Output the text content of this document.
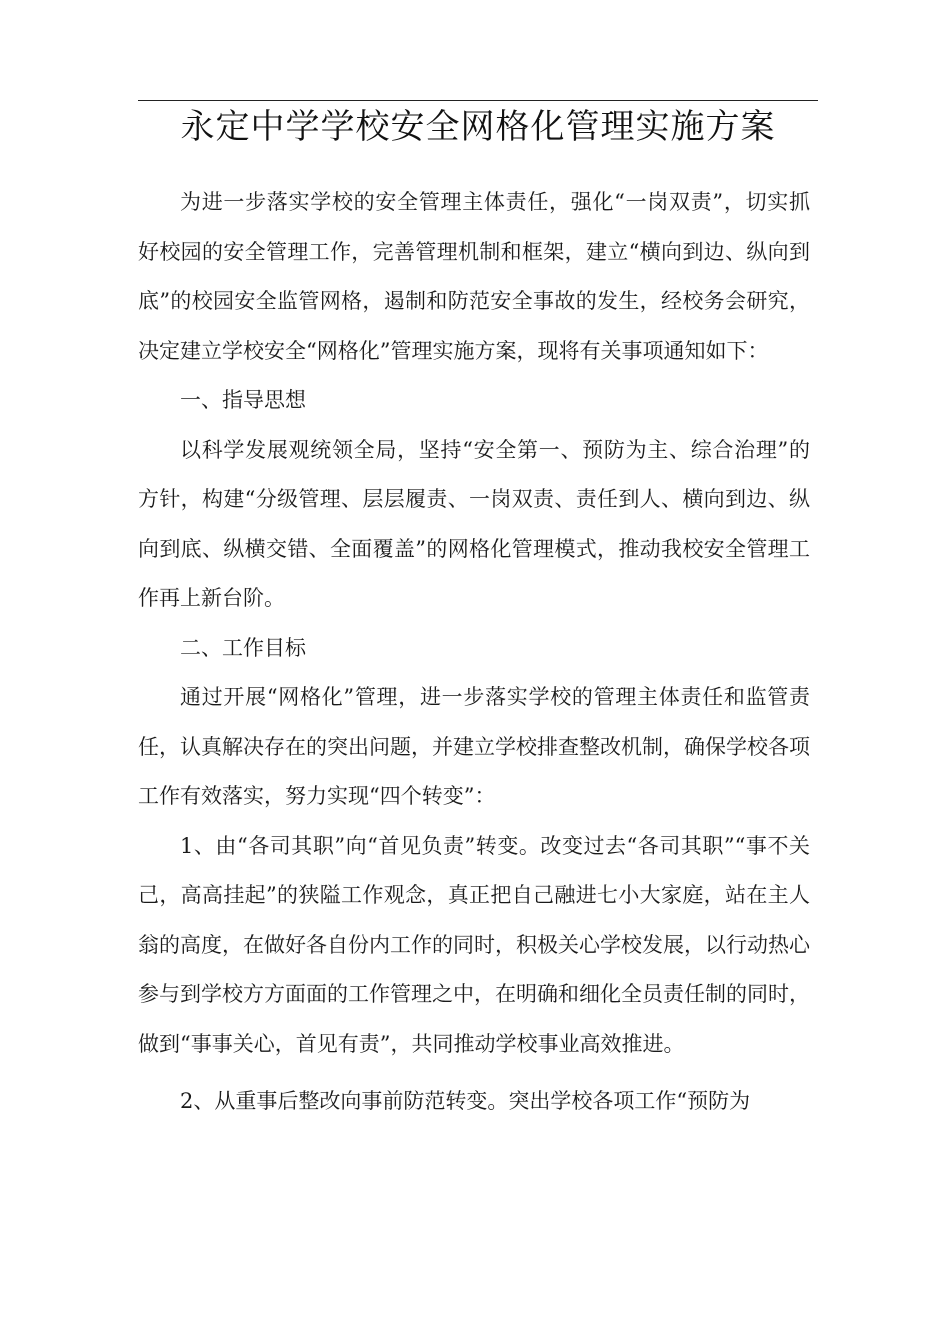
永定中学学校安全网格化管理实施方案

为进一步落实学校的安全管理主体责任，强化“一岗双责”，切实抓好校园的安全管理工作，完善管理机制和框架，建立“横向到边、纵向到底”的校园安全监管网格，遏制和防范安全事故的发生，经校务会研究，决定建立学校安全“网格化”管理实施方案，现将有关事项通知如下：

一、指导思想

以科学发展观统领全局，坚持“安全第一、预防为主、综合治理”的方针，构建“分级管理、层层履责、一岗双责、责任到人、横向到边、纵向到底、纵横交错、全面覆盖”的网格化管理模式，推动我校安全管理工作再上新台阶。

二、工作目标

通过开展“网格化”管理，进一步落实学校的管理主体责任和监管责任，认真解决存在的突出问题，并建立学校排查整改机制，确保学校各项工作有效落实，努力实现“四个转变”：

1、由“各司其职”向“首见负责”转变。改变过去“各司其职”“事不关己，高高挂起”的狭隘工作观念，真正把自己融进七小大家庭，站在主人翁的高度，在做好各自份内工作的同时，积极关心学校发展，以行动热心参与到学校方方面面的工作管理之中，在明确和细化全员责任制的同时，做到“事事关心，首见有责”，共同推动学校事业高效推进。

2、从重事后整改向事前防范转变。突出学校各项工作“预防为
